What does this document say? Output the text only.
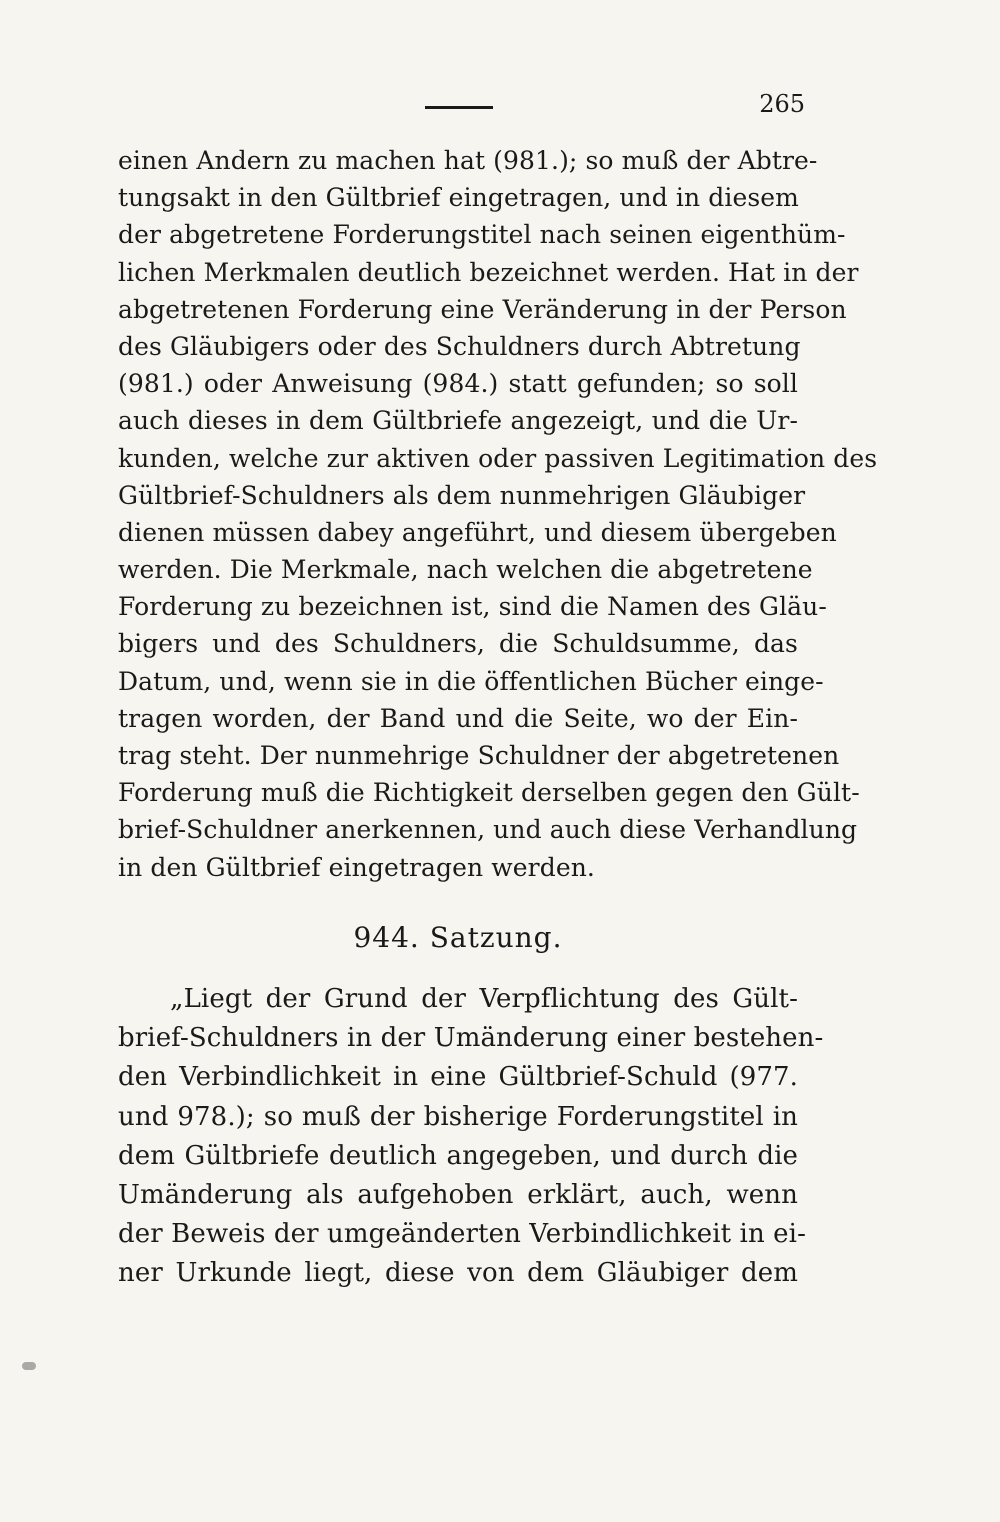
265
einen Andern zu machen hat (981.); so muß der Abtre-
tungsakt in den Gültbrief eingetragen, und in diesem
der abgetretene Forderungstitel nach seinen eigenthüm-
lichen Merkmalen deutlich bezeichnet werden. Hat in der
abgetretenen Forderung eine Veränderung in der Person
des Gläubigers oder des Schuldners durch Abtretung
(981.) oder Anweisung (984.) statt gefunden; so soll
auch dieses in dem Gültbriefe angezeigt, und die Ur-
kunden, welche zur aktiven oder passiven Legitimation des
Gültbrief-Schuldners als dem nunmehrigen Gläubiger
dienen müssen dabey angeführt, und diesem übergeben
werden. Die Merkmale, nach welchen die abgetretene
Forderung zu bezeichnen ist, sind die Namen des Gläu-
bigers und des Schuldners, die Schuldsumme, das
Datum, und, wenn sie in die öffentlichen Bücher einge-
tragen worden, der Band und die Seite, wo der Ein-
trag steht. Der nunmehrige Schuldner der abgetretenen
Forderung muß die Richtigkeit derselben gegen den Gült-
brief-Schuldner anerkennen, und auch diese Verhandlung
in den Gültbrief eingetragen werden.
944. Satzung.
„Liegt der Grund der Verpflichtung des Gült-
brief-Schuldners in der Umänderung einer bestehen-
den Verbindlichkeit in eine Gültbrief-Schuld (977.
und 978.); so muß der bisherige Forderungstitel in
dem Gültbriefe deutlich angegeben, und durch die
Umänderung als aufgehoben erklärt, auch, wenn
der Beweis der umgeänderten Verbindlichkeit in ei-
ner Urkunde liegt, diese von dem Gläubiger dem
